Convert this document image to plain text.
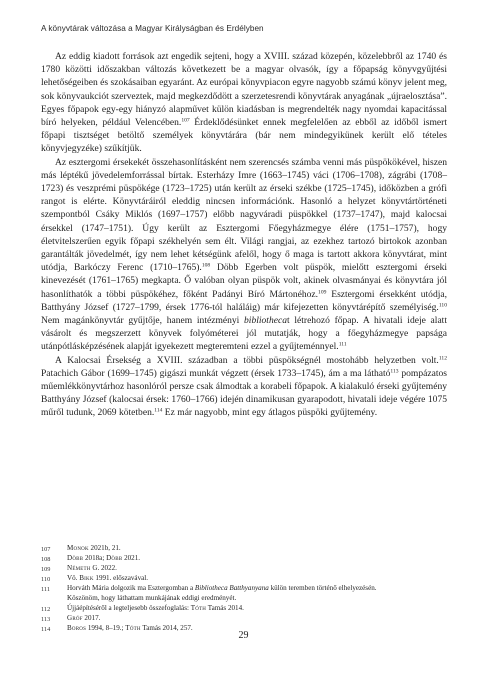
A könyvtárak változása a Magyar Királyságban és Erdélyben

Az eddig kiadott források azt engedik sejteni, hogy a XVIII. század közepén, közelebbről az 1740 és 1780 közötti időszakban változás következett be a magyar olvasók, így a főpapság könyvgyűjtési lehetőségeiben és szokásaiban egyaránt. Az európai könyvpiacon egyre nagyobb számú könyv jelent meg, sok könyvaukciót szerveztek, majd megkezdődött a szerzetesrendi könyvtárak anyagának „újraelosztása”. Egyes főpapok egy-egy hiányzó alapművet külön kiadásban is megrendelték nagy nyomdai kapacitással bíró helyeken, például Velencében.$^{107}$ Érdeklődésünket ennek megfelelően az ebből az időből ismert főpapi tisztséget betöltő személyek könyvtárára (bár nem mindegyikünek került elő tételes könyvjegyzéke) szűkítjük.

Az esztergomi érsekekét összehasonlításként nem szerencsés számba venni más püspökökével, hiszen más léptékű jövedelemforrással bírtak. Esterházy Imre (1663–1745) váci (1706–1708), zágrábi (1708–1723) és veszprémi püspökége (1723–1725) után került az érseki székbe (1725–1745), időközben a grófi rangot is elérte. Könyvtáráiról eleddig nincsen információnk. Hasonló a helyzet könyvtártörténeti szempontból Csáky Miklós (1697–1757) előbb nagyváradi püspökkel (1737–1747), majd kalocsai érsekkel (1747–1751). Úgy került az Esztergomi Főegyházmegye élére (1751–1757), hogy életvitelszerűen egyik főpapi székhelyén sem élt. Világi rangjai, az ezekhez tartozó birtokok azonban garantálták jövedelmét, így nem lehet kétségünk afelől, hogy ő maga is tartott akkora könyvtárat, mint utódja, Barkóczy Ferenc (1710–1765).$^{108}$ Döbb Egerben volt püspök, mielőtt esztergomi érseki kinevezését (1761–1765) megkapta. Ő valóban olyan püspök volt, akinek olvasmányai és könyvtára jól hasonlíthatók a többi püspökéhez, főként Padányi Bíró Mártonéhoz.$^{109}$ Esztergomi érsekként utódja, Batthyány József (1727–1799, érsek 1776-tól haláláig) már kifejezetten könyvtárépítő személyiség.$^{110}$ Nem magánkönyvtár gyűjtője, hanem intézményi bibliothecat létrehozó főpap. A hivatali ideje alatt vásárolt és megszerzett könyvek folyóméterei jól mutatják, hogy a főegyházmegye papsága utánpótlásképzésének alapját igyekezett megteremteni ezzel a gyűjteménnyel.$^{111}$

A Kalocsai Érsekség a XVIII. században a többi püspökségnél mostohább helyzetben volt.$^{112}$ Patachich Gábor (1699–1745) gigászi munkát végzett (érsek 1733–1745), ám a ma látható$^{113}$ pompázatos műemlékkönyvtárhoz hasonlóról persze csak álmodtak a korabeli főpapok. A kialakuló érseki gyűjtemény Batthyány József (kalocsai érsek: 1760–1766) idején dinamikusan gyarapodott, hivatali ideje végére 1075 műről tudunk, 2069 kötetben.$^{114}$ Ez már nagyobb, mint egy átlagos püspöki gyűjtemény.

107	Monok 2021b, 21.
108	Döbb 2018a; Döbb 2021.
109	Németh G. 2022.
110	Vö. Bikk 1991. előszavával.
111	Horváth Mária dolgozik ma Esztergomban a Bibliotheca Batthyanyana külön teremben történő elhelyezésén.
Köszönöm, hogy láthattam munkájának eddigi eredményét.
112	Újjáépítéséről a legteljesebb összefoglalás: Tóth Tamás 2014.
113	Gróf 2017.
114	Boros 1994, 8–19.; Tóth Tamás 2014, 257.
29
